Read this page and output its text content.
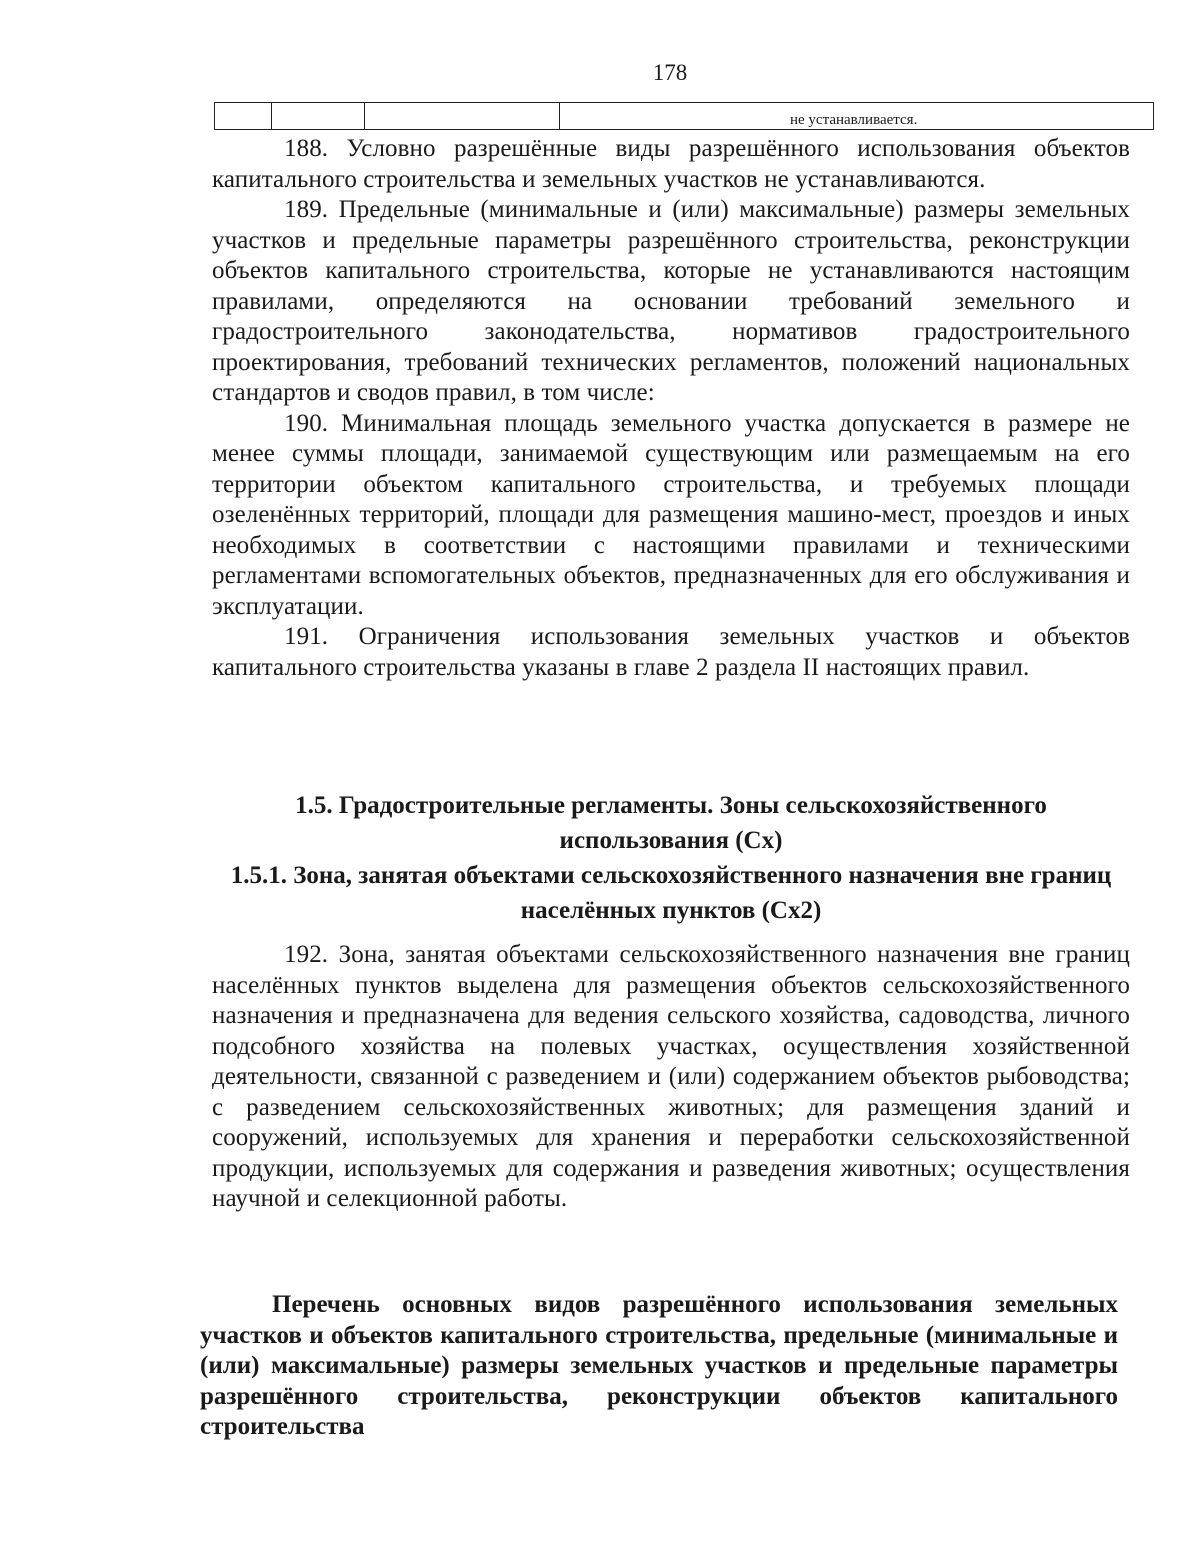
178
			не устанавливается.

188. Условно разрешённые виды разрешённого использования объектов капитального строительства и земельных участков не устанавливаются.

189. Предельные (минимальные и (или) максимальные) размеры земельных участков и предельные параметры разрешённого строительства, реконструкции объектов капитального строительства, которые не устанавливаются настоящим правилами, определяются на основании требований земельного и градостроительного законодательства, нормативов градостроительного проектирования, требований технических регламентов, положений национальных стандартов и сводов правил, в том числе:

190. Минимальная площадь земельного участка допускается в размере не менее суммы площади, занимаемой существующим или размещаемым на его территории объектом капитального строительства, и требуемых площади озеленённых территорий, площади для размещения машино-мест, проездов и иных необходимых в соответствии с настоящими правилами и техническими регламентами вспомогательных объектов, предназначенных для его обслуживания и эксплуатации.

191. Ограничения использования земельных участков и объектов капитального строительства указаны в главе 2 раздела II настоящих правил.

1.5. Градостроительные регламенты. Зоны сельскохозяйственного использования (Сх)
1.5.1. Зона, занятая объектами сельскохозяйственного назначения вне границ населённых пунктов (Сх2)

192. Зона, занятая объектами сельскохозяйственного назначения вне границ населённых пунктов выделена для размещения объектов сельскохозяйственного назначения и предназначена для ведения сельского хозяйства, садоводства, личного подсобного хозяйства на полевых участках, осуществления хозяйственной деятельности, связанной с разведением и (или) содержанием объектов рыбоводства; с разведением сельскохозяйственных животных; для размещения зданий и сооружений, используемых для хранения и переработки сельскохозяйственной продукции, используемых для содержания и разведения животных; осуществления научной и селекционной работы.

Перечень основных видов разрешённого использования земельных участков и объектов капитального строительства, предельные (минимальные и (или) максимальные) размеры земельных участков и предельные параметры разрешённого строительства, реконструкции объектов капитального строительства
